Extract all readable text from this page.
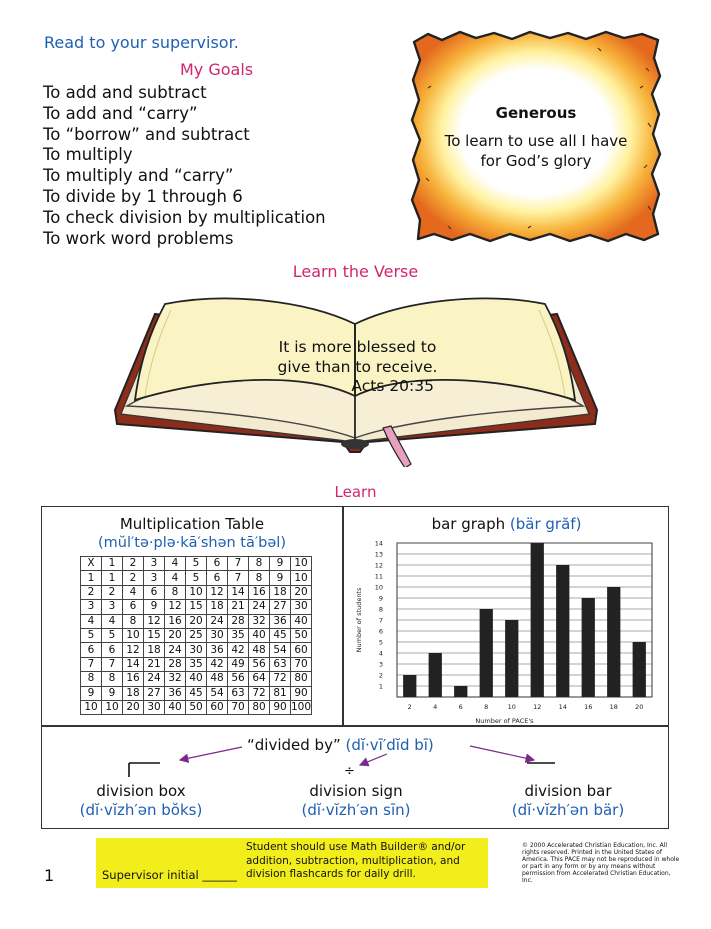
Read to your supervisor.
My Goals
To add and subtract
To add and “carry”
To “borrow” and subtract
To multiply
To multiply and “carry”
To divide by 1 through 6
To check division by multiplication
To work word problems
Generous
To learn to use all I have for God’s glory
Learn the Verse
It is more blessed to give than to receive.
Acts 20:35
Learn
Multiplication Table
(mŭl′tə·plə·kā′shən tā′bəl)
X	1	2	3	4	5	6	7	8	9	10
1	1	2	3	4	5	6	7	8	9	10
2	2	4	6	8	10	12	14	16	18	20
3	3	6	9	12	15	18	21	24	27	30
4	4	8	12	16	20	24	28	32	36	40
5	5	10	15	20	25	30	35	40	45	50
6	6	12	18	24	30	36	42	48	54	60
7	7	14	21	28	35	42	49	56	63	70
8	8	16	24	32	40	48	56	64	72	80
9	9	18	27	36	45	54	63	72	81	90
10	10	20	30	40	50	60	70	80	90	100
bar graph (bär grăf)
1
2
3
4
5
6
7
8
9
10
11
12
13
14
2	4	6	8	10	12	14	16	18	20
Number of PACE's
Number of students
“divided by” (dĭ·vī′dĭd bī)
÷
division box
(dĭ·vĭzh′ən bŏks)
division sign
(dĭ·vĭzh′ən sīn)
division bar
(dĭ·vĭzh′ən bär)
1	Supervisor initial ______
Student should use Math Builder® and/or addition, subtraction, multiplication, and division flashcards for daily drill.
© 2000 Accelerated Christian Education, Inc. All rights reserved. Printed in the United States of America. This PACE may not be reproduced in whole or part in any form or by any means without permission from Accelerated Christian Education, Inc.
